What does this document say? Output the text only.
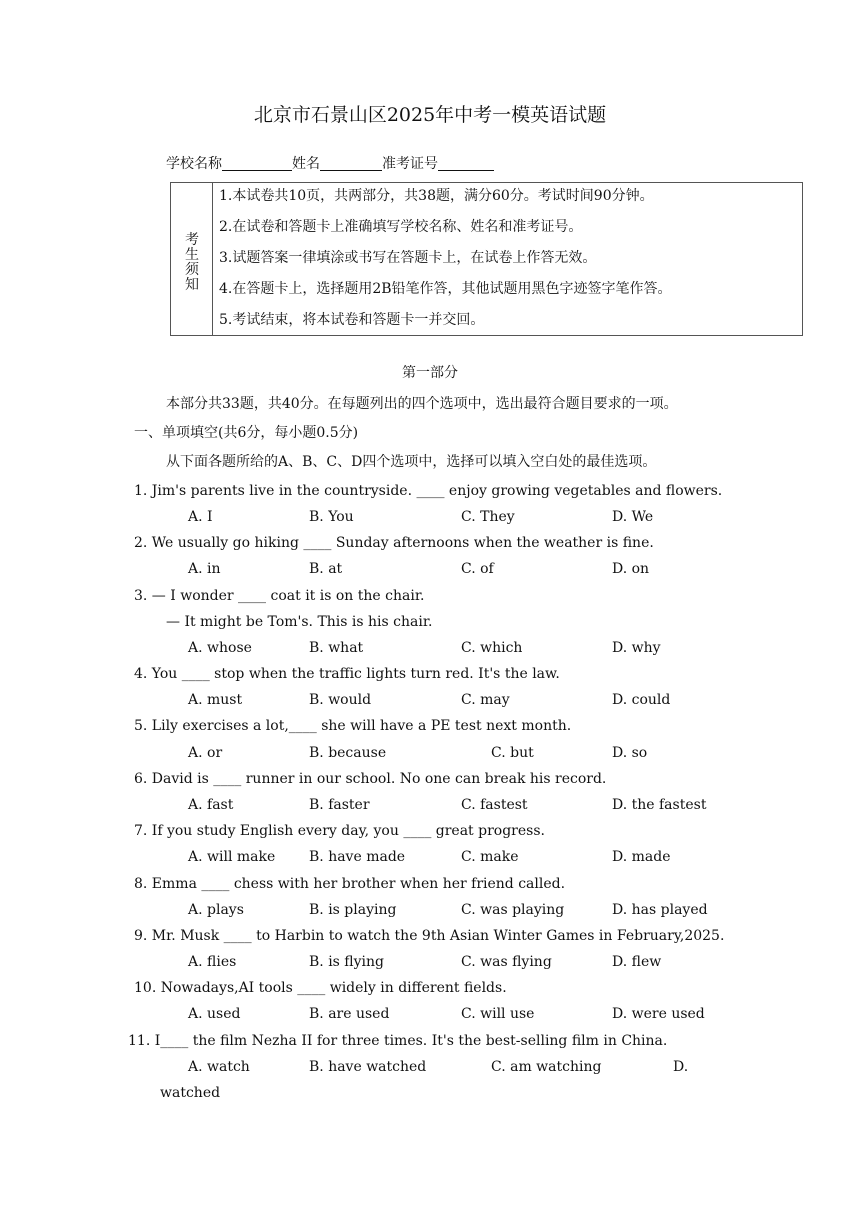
北京市石景山区2025年中考一模英语试题
学校名称	姓名	准考证号
考
生
须
知
1.本试卷共10页，共两部分，共38题，满分60分。考试时间90分钟。
2.在试卷和答题卡上准确填写学校名称、姓名和准考证号。
3.试题答案一律填涂或书写在答题卡上，在试卷上作答无效。
4.在答题卡上，选择题用2B铅笔作答，其他试题用黑色字迹签字笔作答。
5.考试结束，将本试卷和答题卡一并交回。
第一部分
本部分共33题，共40分。在每题列出的四个选项中，选出最符合题目要求的一项。
一、单项填空(共6分，每小题0.5分)
从下面各题所给的A、B、C、D四个选项中，选择可以填入空白处的最佳选项。
1. Jim's parents live in the countryside. ____ enjoy growing vegetables and flowers.
A. I	B. You	C. They	D. We
2. We usually go hiking ____ Sunday afternoons when the weather is fine.
A. in	B. at	C. of	D. on
3. — I wonder ____ coat it is on the chair.
— It might be Tom's. This is his chair.
A. whose	B. what	C. which	D. why
4. You ____ stop when the traffic lights turn red. It's the law.
A. must	B. would	C. may	D. could
5. Lily exercises a lot,____ she will have a PE test next month.
A. or	B. because	C. but	D. so
6. David is ____ runner in our school. No one can break his record.
A. fast	B. faster	C. fastest	D. the fastest
7. If you study English every day, you ____ great progress.
A. will make B. have made	C. make	D. made
8. Emma ____ chess with her brother when her friend called.
A. plays	B. is playing	C. was playing	D. has played
9. Mr. Musk ____ to Harbin to watch the 9th Asian Winter Games in February,2025.
A. flies	B. is flying	C. was flying	D. flew
10. Nowadays,AI tools ____ widely in different fields.
A. used	B. are used	C. will use	D. were used
11. I____ the film Nezha II for three times. It's the best-selling film in China.
A. watch	B. have watched	C. am watching	D.
watched
